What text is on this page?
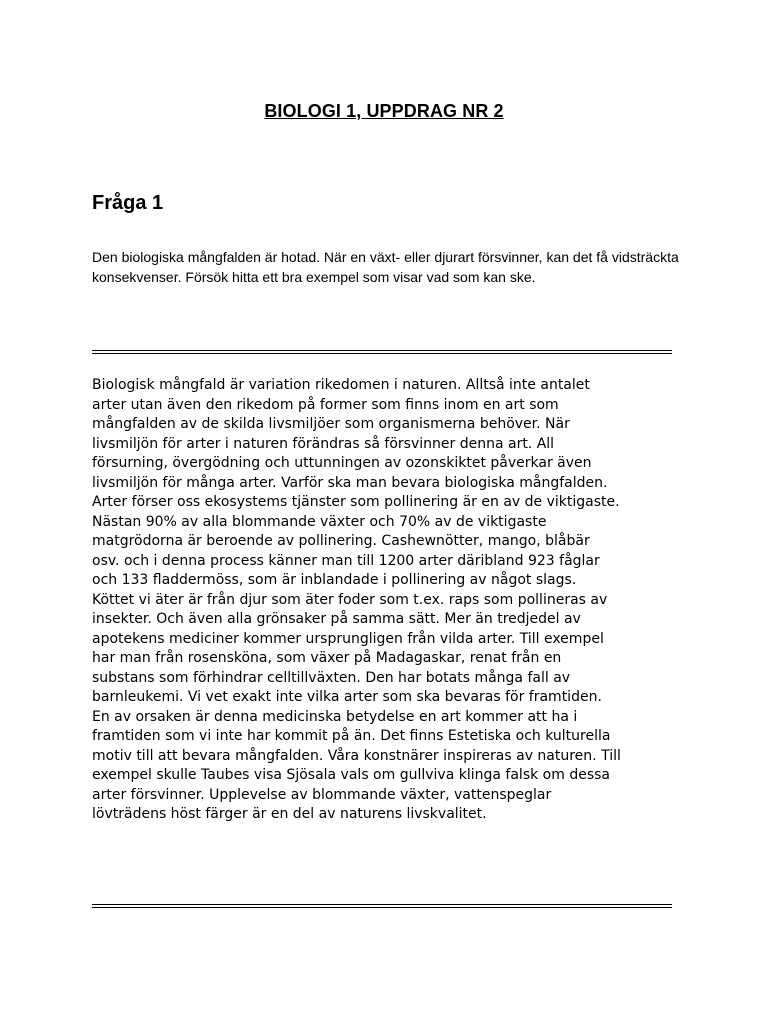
BIOLOGI 1, UPPDRAG NR 2
Fråga 1

Den biologiska mångfalden är hotad. När en växt- eller djurart försvinner, kan det få vidsträckta konsekvenser. Försök hitta ett bra exempel som visar vad som kan ske.

Biologisk mångfald är variation rikedomen i naturen. Alltså inte antalet
arter utan även den rikedom på former som finns inom en art som
mångfalden av de skilda livsmiljöer som organismerna behöver. När
livsmiljön för arter i naturen förändras så försvinner denna art. All
försurning, övergödning och uttunningen av ozonskiktet påverkar även
livsmiljön för många arter. Varför ska man bevara biologiska mångfalden.
Arter förser oss ekosystems tjänster som pollinering är en av de viktigaste.
Nästan 90% av alla blommande växter och 70% av de viktigaste
matgrödorna är beroende av pollinering. Cashewnötter, mango, blåbär
osv. och i denna process känner man till 1200 arter däribland 923 fåglar
och 133 fladdermöss, som är inblandade i pollinering av något slags.
Köttet vi äter är från djur som äter foder som t.ex. raps som pollineras av
insekter. Och även alla grönsaker på samma sätt. Mer än tredjedel av
apotekens mediciner kommer ursprungligen från vilda arter. Till exempel
har man från rosensköna, som växer på Madagaskar, renat från en
substans som förhindrar celltillväxten. Den har botats många fall av
barnleukemi. Vi vet exakt inte vilka arter som ska bevaras för framtiden.
En av orsaken är denna medicinska betydelse en art kommer att ha i
framtiden som vi inte har kommit på än. Det finns Estetiska och kulturella
motiv till att bevara mångfalden. Våra konstnärer inspireras av naturen. Till
exempel skulle Taubes visa Sjösala vals om gullviva klinga falsk om dessa
arter försvinner. Upplevelse av blommande växter, vattenspeglar
lövträdens höst färger är en del av naturens livskvalitet.
